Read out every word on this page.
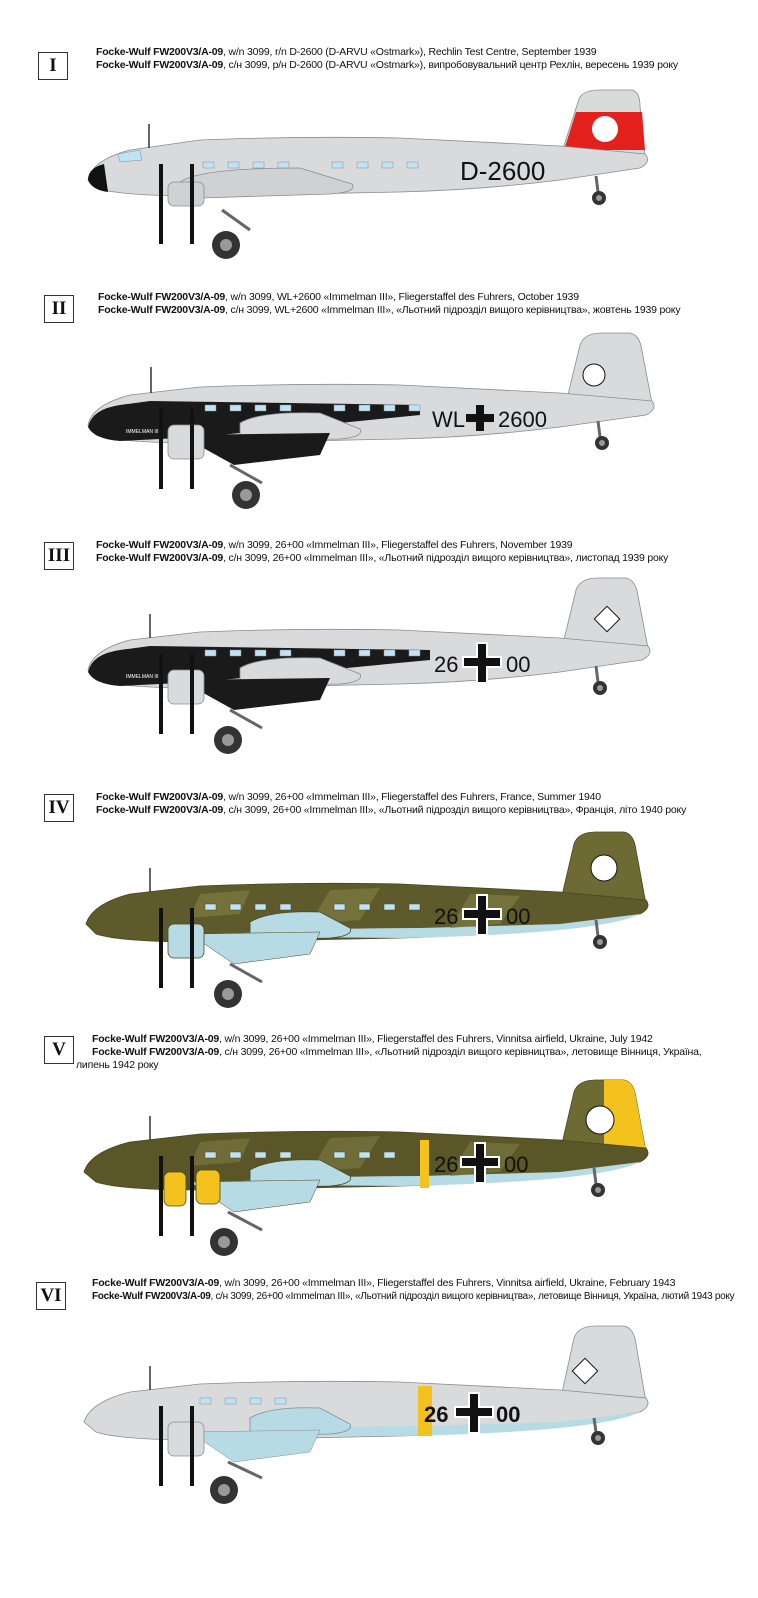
I
Focke-Wulf FW200V3/A-09, w/n 3099, r/n D-2600 (D-ARVU «Ostmark»), Rechlin Test Centre, September 1939
Focke-Wulf FW200V3/A-09, с/н 3099, р/н D-2600 (D-ARVU «Ostmark»), випробовувальний центр Рехлін, вересень 1939 року
D-2600
II
Focke-Wulf FW200V3/A-09, w/n 3099, WL+2600 «Immelman III», Fliegerstaffel des Fuhrers, October 1939
Focke-Wulf FW200V3/A-09, с/н 3099, WL+2600 «Immelman III», «Льотний підрозділ вищого керівництва», жовтень 1939 року
IMMELMAN III	WL 2600
III	Focke-Wulf FW200V3/A-09, w/n 3099, 26+00 «Immelman III», Fliegerstaffel des Fuhrers, November 1939
Focke-Wulf FW200V3/A-09, с/н 3099, 26+00 «Immelman III», «Льотний підрозділ вищого керівництва», листопад 1939 року
IMMELMAN III	26 00
IV	Focke-Wulf FW200V3/A-09, w/n 3099, 26+00 «Immelman III», Fliegerstaffel des Fuhrers, France, Summer 1940
Focke-Wulf FW200V3/A-09, с/н 3099, 26+00 «Immelman III», «Льотний підрозділ вищого керівництва», Франція, літо 1940 року
26 00
V	Focke-Wulf FW200V3/A-09, w/n 3099, 26+00 «Immelman III», Fliegerstaffel des Fuhrers, Vinnitsa airfield, Ukraine, July 1942
Focke-Wulf FW200V3/A-09, с/н 3099, 26+00 «Immelman III», «Льотний підрозділ вищого керівництва», летовище Вінниця, Україна, липень 1942 року
26 00
VI
Focke-Wulf FW200V3/A-09, w/n 3099, 26+00 «Immelman III», Fliegerstaffel des Fuhrers, Vinnitsa airfield, Ukraine, February 1943
Focke-Wulf FW200V3/A-09, с/н 3099, 26+00 «Immelman III», «Льотний підрозділ вищого керівництва», летовище Вінниця, Україна, лютий 1943 року
26 00
